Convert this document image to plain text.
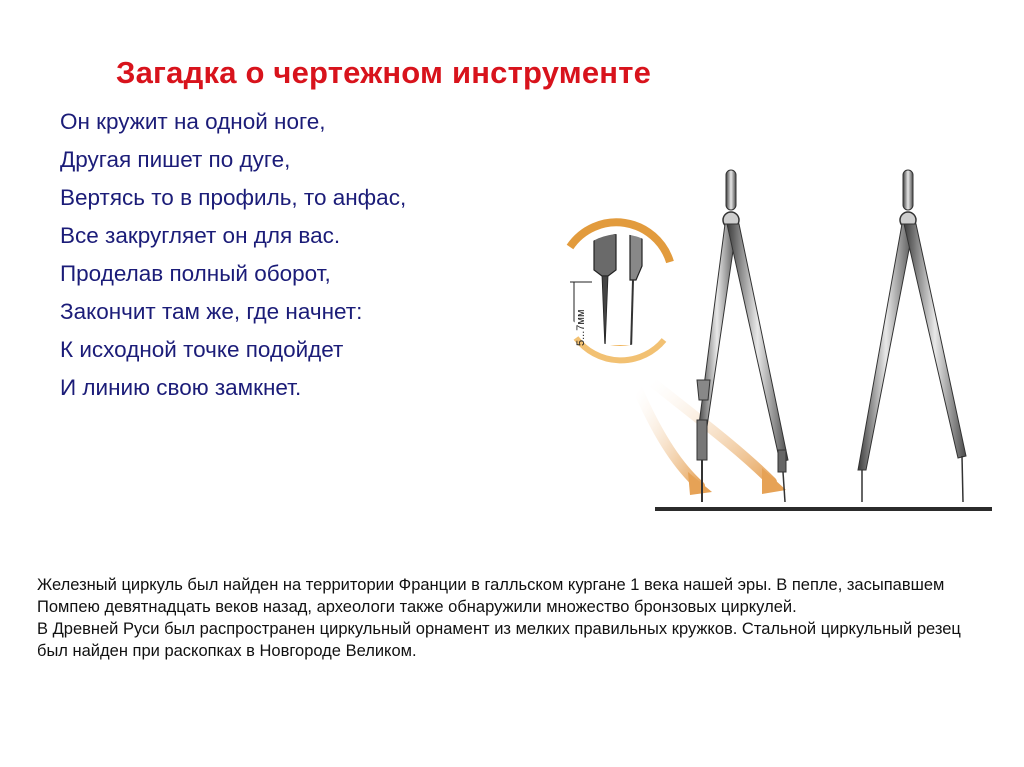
Загадка о чертежном инструменте
Он кружит на одной ноге,
Другая пишет по дуге,
Вертясь то в профиль, то анфас,
Все закругляет он для вас.
Проделав полный оборот,
Закончит там же, где начнет:
К исходной точке подойдет
И линию свою замкнет.
5...7мм

Железный циркуль был найден на территории Франции в галльском кургане 1 века нашей эры. В пепле, засыпавшем Помпею девятнадцать веков назад, археологи также обнаружили множество бронзовых циркулей.

В Древней Руси был распространен циркульный орнамент из мелких правильных кружков. Стальной циркульный резец был найден при раскопках в Новгороде Великом.
